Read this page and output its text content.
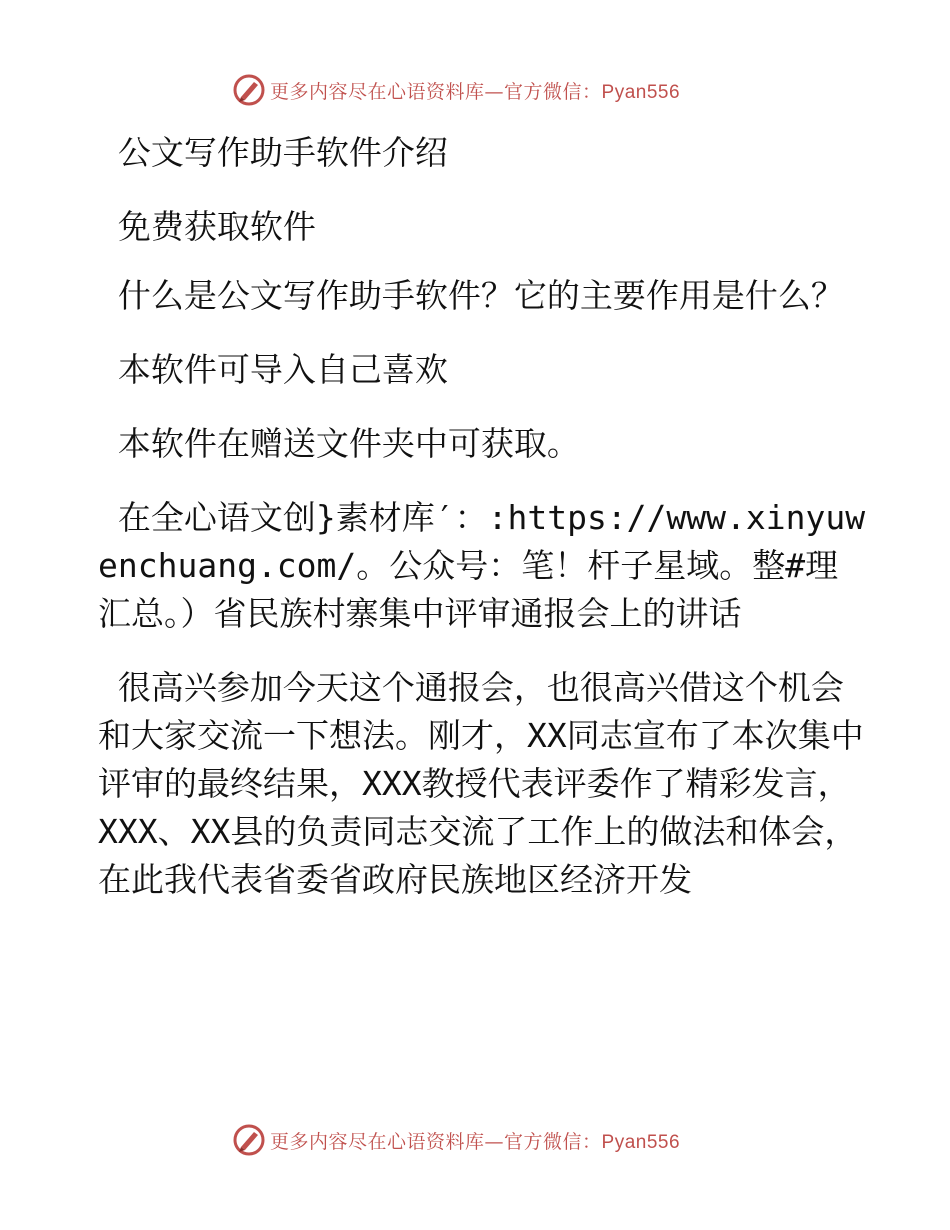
更多内容尽在心语资料库—官方微信：Pyan556

公文写作助手软件介绍

免费获取软件

什么是公文写作助手软件？它的主要作用是什么？

本软件可导入自己喜欢

本软件在赠送文件夹中可获取。

在全心语文创}素材库′：:https://www.xinyuwenchuang.com/。公众号：笔！杆子星域。整#理汇总。）省民族村寨集中评审通报会上的讲话

很高兴参加今天这个通报会，也很高兴借这个机会和大家交流一下想法。刚才，XX同志宣布了本次集中评审的最终结果，XXX教授代表评委作了精彩发言，XXX、XX县的负责同志交流了工作上的做法和体会，在此我代表省委省政府民族地区经济开发

更多内容尽在心语资料库—官方微信：Pyan556
